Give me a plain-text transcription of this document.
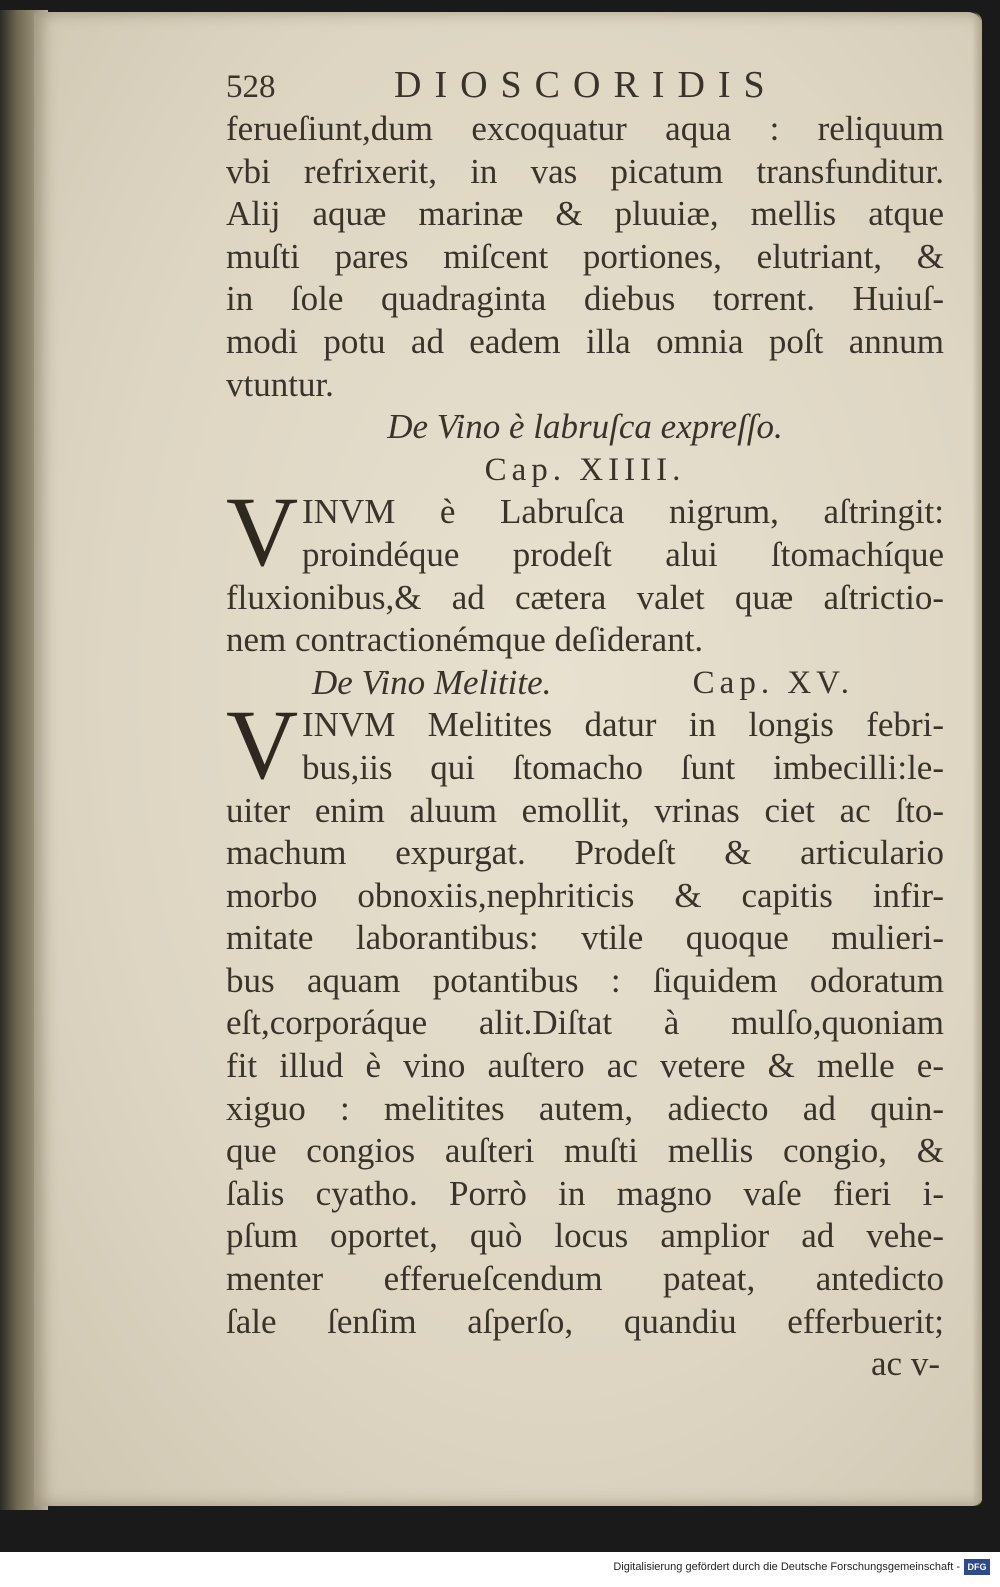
528	DIOSCORIDIS
ferueſiunt,dum excoquatur aqua : reliquum
vbi refrixerit, in vas picatum transfunditur.
Alij aquæ marinæ & pluuiæ, mellis atque
muſti pares miſcent portiones, elutriant, &
in ſole quadraginta diebus torrent. Huiuſ-
modi potu ad eadem illa omnia poſt annum
vtuntur.
De Vino è labruſca expreſſo.
Cap. XIIII.
V INVM è Labruſca nigrum, aſtringit:
proindéque prodeſt alui ſtomachíque
fluxionibus,& ad cætera valet quæ aſtrictio-
nem contractionémque deſiderant.
De Vino Melitite.	Cap. XV.
V INVM Melitites datur in longis febri-
bus,iis qui ſtomacho ſunt imbecilli:le-
uiter enim aluum emollit, vrinas ciet ac ſto-
machum expurgat. Prodeſt & articulario
morbo obnoxiis,nephriticis & capitis infir-
mitate laborantibus: vtile quoque mulieri-
bus aquam potantibus : ſiquidem odoratum
eſt,corporáque alit.Diſtat à mulſo,quoniam
fit illud è vino auſtero ac vetere & melle e-
xiguo : melitites autem, adiecto ad quin-
que congios auſteri muſti mellis congio, &
ſalis cyatho. Porrò in magno vaſe fieri i-
pſum oportet, quò locus amplior ad vehe-
menter efferueſcendum pateat, antedicto
ſale ſenſim aſperſo, quandiu efferbuerit;
ac v-
Digitalisierung gefördert durch die Deutsche Forschungsgemeinschaft - DFG
